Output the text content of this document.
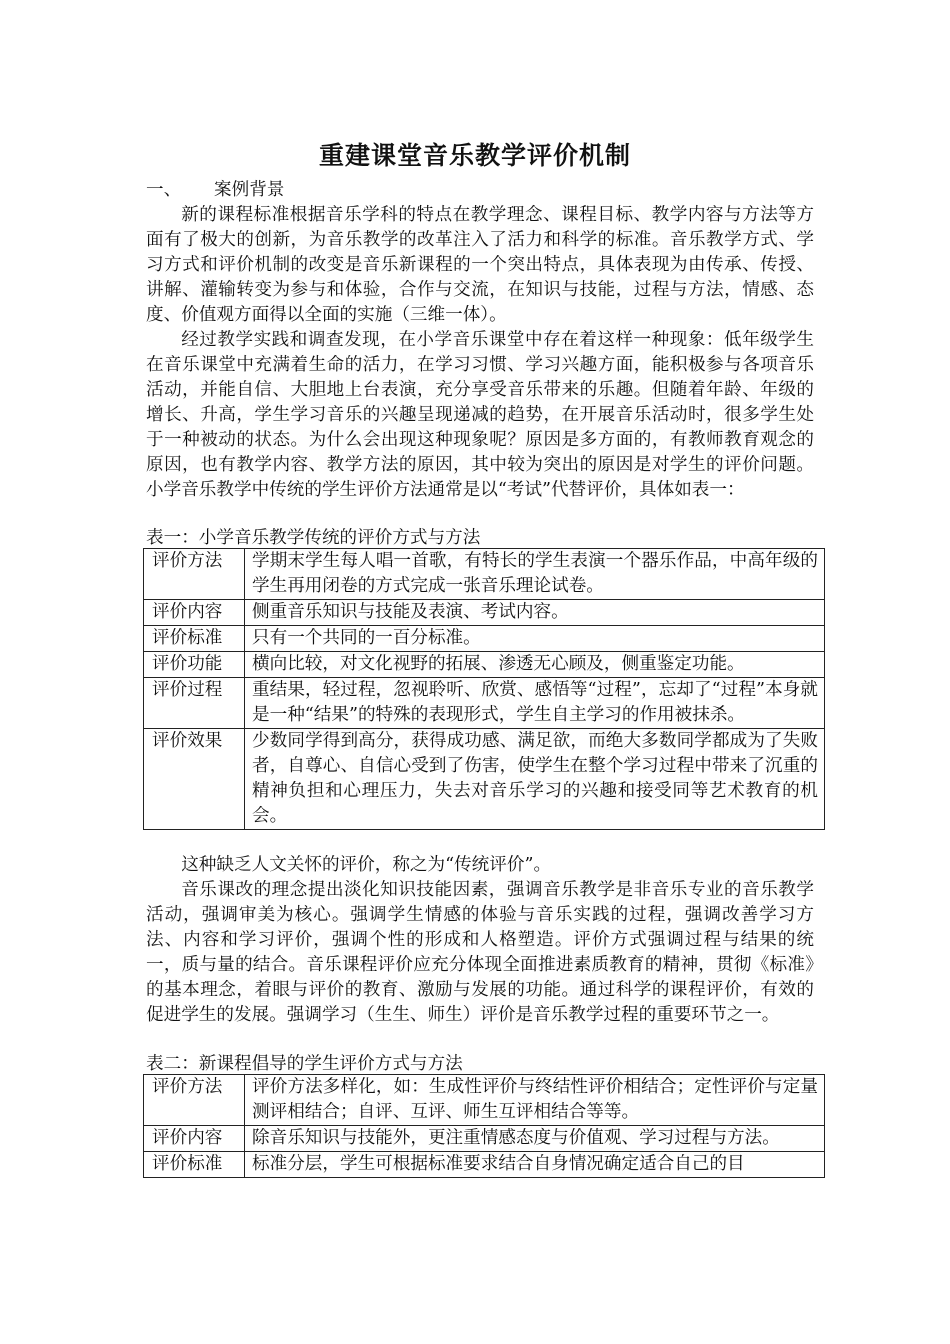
重建课堂音乐教学评价机制
一、 案例背景

新的课程标准根据音乐学科的特点在教学理念、课程目标、教学内容与方法等方面有了极大的创新，为音乐教学的改革注入了活力和科学的标准。音乐教学方式、学习方式和评价机制的改变是音乐新课程的一个突出特点，具体表现为由传承、传授、讲解、灌输转变为参与和体验，合作与交流，在知识与技能，过程与方法，情感、态度、价值观方面得以全面的实施（三维一体）。

经过教学实践和调查发现，在小学音乐课堂中存在着这样一种现象：低年级学生在音乐课堂中充满着生命的活力，在学习习惯、学习兴趣方面，能积极参与各项音乐活动，并能自信、大胆地上台表演，充分享受音乐带来的乐趣。但随着年龄、年级的增长、升高，学生学习音乐的兴趣呈现递减的趋势，在开展音乐活动时，很多学生处于一种被动的状态。为什么会出现这种现象呢？原因是多方面的，有教师教育观念的原因，也有教学内容、教学方法的原因，其中较为突出的原因是对学生的评价问题。小学音乐教学中传统的学生评价方法通常是以“考试”代替评价，具体如表一：

表一：小学音乐教学传统的评价方式与方法
评价方法	学期末学生每人唱一首歌，有特长的学生表演一个器乐作品，中高年级的学生再用闭卷的方式完成一张音乐理论试卷。
评价内容	侧重音乐知识与技能及表演、考试内容。
评价标准	只有一个共同的一百分标准。
评价功能	横向比较，对文化视野的拓展、渗透无心顾及，侧重鉴定功能。
评价过程	重结果，轻过程，忽视聆听、欣赏、感悟等“过程”，忘却了“过程”本身就是一种“结果”的特殊的表现形式，学生自主学习的作用被抹杀。
评价效果	少数同学得到高分，获得成功感、满足欲，而绝大多数同学都成为了失败者，自尊心、自信心受到了伤害，使学生在整个学习过程中带来了沉重的精神负担和心理压力，失去对音乐学习的兴趣和接受同等艺术教育的机会。

这种缺乏人文关怀的评价，称之为“传统评价”。

音乐课改的理念提出淡化知识技能因素，强调音乐教学是非音乐专业的音乐教学活动，强调审美为核心。强调学生情感的体验与音乐实践的过程，强调改善学习方法、内容和学习评价，强调个性的形成和人格塑造。评价方式强调过程与结果的统一，质与量的结合。音乐课程评价应充分体现全面推进素质教育的精神，贯彻《标准》的基本理念，着眼与评价的教育、激励与发展的功能。通过科学的课程评价，有效的促进学生的发展。强调学习（生生、师生）评价是音乐教学过程的重要环节之一。

表二：新课程倡导的学生评价方式与方法
评价方法	评价方法多样化，如：生成性评价与终结性评价相结合；定性评价与定量测评相结合；自评、互评、师生互评相结合等等。
评价内容	除音乐知识与技能外，更注重情感态度与价值观、学习过程与方法。
评价标准	标准分层，学生可根据标准要求结合自身情况确定适合自己的目
